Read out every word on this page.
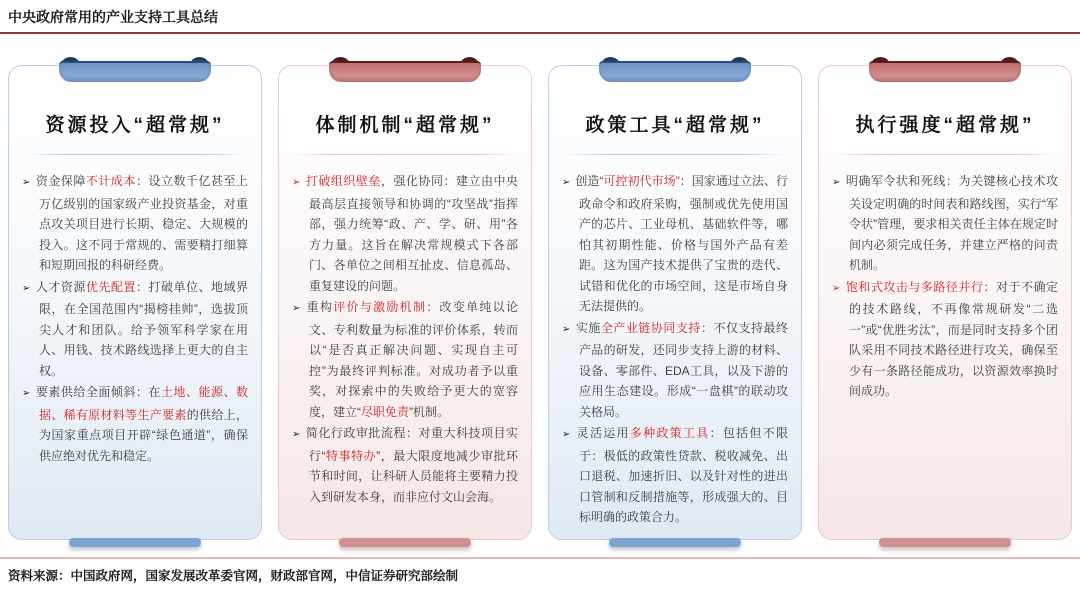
中央政府常用的产业支持工具总结
资源投入“超常规”
➢ 资金保障不计成本：设立数千亿甚至上万亿级别的国家级产业投资基金，对重点攻关项目进行长期、稳定、大规模的投入。这不同于常规的、需要精打细算和短期回报的科研经费。
➢ 人才资源优先配置：打破单位、地域界限，在全国范围内“揭榜挂帅”，选拔顶尖人才和团队。给予领军科学家在用人、用钱、技术路线选择上更大的自主权。
➢ 要素供给全面倾斜：在土地、能源、数据、稀有原材料等生产要素的供给上，为国家重点项目开辟“绿色通道”，确保供应绝对优先和稳定。
体制机制“超常规”
➢ 打破组织壁垒，强化协同：建立由中央最高层直接领导和协调的“攻坚战”指挥部，强力统筹“政、产、学、研、用”各方力量。这旨在解决常规模式下各部门、各单位之间相互扯皮、信息孤岛、重复建设的问题。
➢ 重构评价与激励机制：改变单纯以论文、专利数量为标准的评价体系，转而以“是否真正解决问题、实现自主可控”为最终评判标准。对成功者予以重奖，对探索中的失败给予更大的宽容度，建立“尽职免责”机制。
➢ 简化行政审批流程：对重大科技项目实行“特事特办”，最大限度地减少审批环节和时间，让科研人员能将主要精力投入到研发本身，而非应付文山会海。
政策工具“超常规”
➢ 创造“可控初代市场”：国家通过立法、行政命令和政府采购，强制或优先使用国产的芯片、工业母机、基础软件等，哪怕其初期性能、价格与国外产品有差距。这为国产技术提供了宝贵的迭代、试错和优化的市场空间，这是市场自身无法提供的。
➢ 实施全产业链协同支持：不仅支持最终产品的研发，还同步支持上游的材料、设备、零部件、EDA工具，以及下游的应用生态建设。形成“一盘棋”的联动攻关格局。
➢ 灵活运用多种政策工具：包括但不限于：极低的政策性贷款、税收减免、出口退税、加速折旧、以及针对性的进出口管制和反制措施等，形成强大的、目标明确的政策合力。
执行强度“超常规”
➢ 明确军令状和死线：为关键核心技术攻关设定明确的时间表和路线图，实行“军令状”管理，要求相关责任主体在规定时间内必须完成任务，并建立严格的问责机制。
➢ 饱和式攻击与多路径并行：对于不确定的技术路线，不再像常规研发“二选一”或“优胜劣汰”，而是同时支持多个团队采用不同技术路径进行攻关，确保至少有一条路径能成功，以资源效率换时间成功。
资料来源：中国政府网，国家发展改革委官网，财政部官网，中信证券研究部绘制
